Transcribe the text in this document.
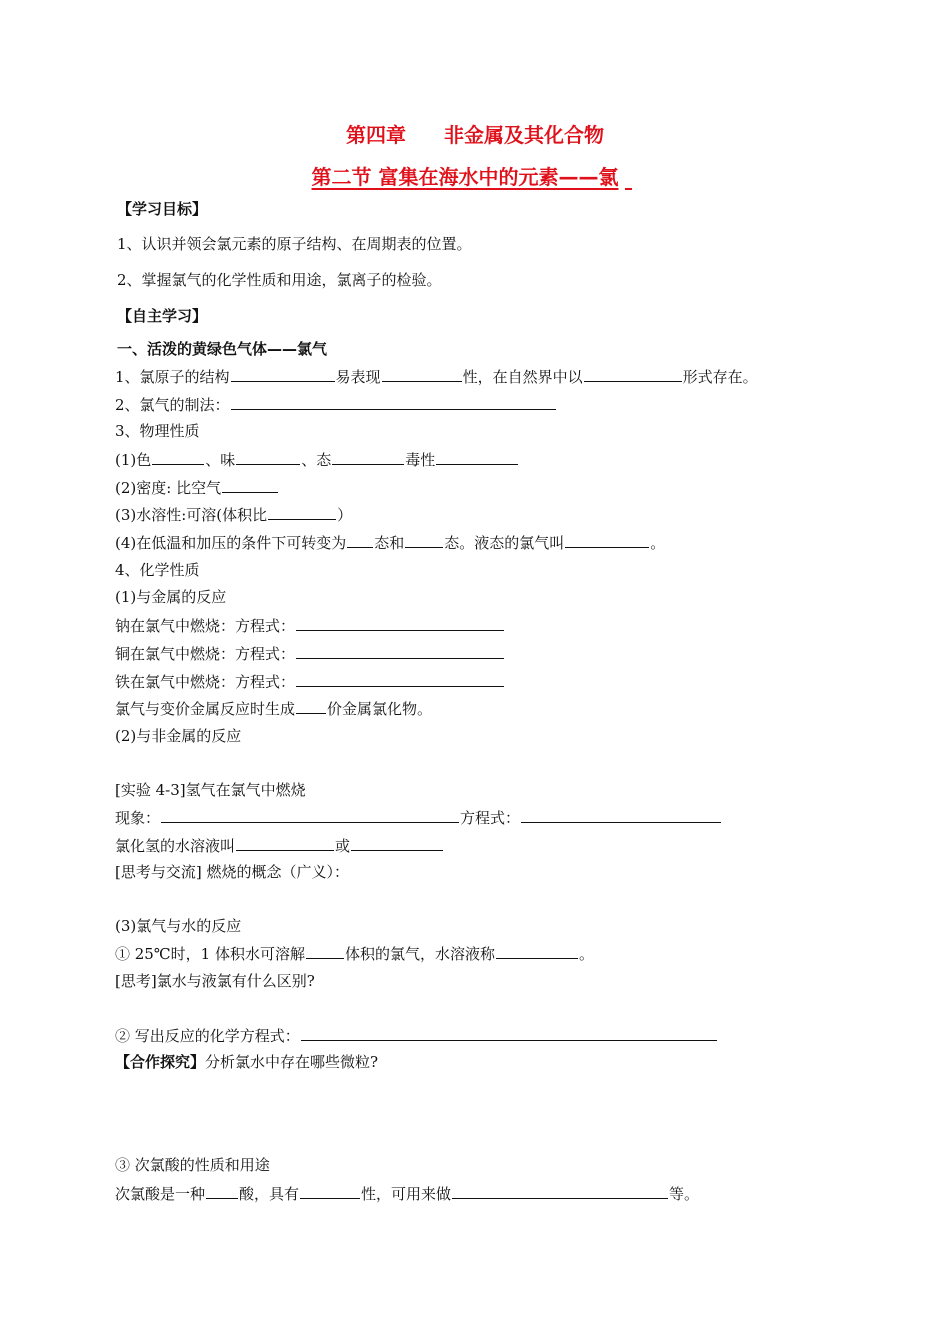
第四章 非金属及其化合物
第二节 富集在海水中的元素——氯
【学习目标】
1、认识并领会氯元素的原子结构、在周期表的位置。
2、掌握氯气的化学性质和用途，氯离子的检验。
【自主学习】
一、活泼的黄绿色气体——氯气
1、氯原子的结构	易表现	性，在自然界中以	形式存在。
2、氯气的制法：
3、物理性质
(1)色	、味	、态	毒性
(2)密度: 比空气
(3)水溶性:可溶(体积比	）
(4)在低温和加压的条件下可转变为 态和	态。液态的氯气叫	。
4、化学性质
(1)与金属的反应
钠在氯气中燃烧：方程式：
铜在氯气中燃烧：方程式：
铁在氯气中燃烧：方程式：
氯气与变价金属反应时生成 价金属氯化物。
(2)与非金属的反应
[实验 4-3]氢气在氯气中燃烧
现象：	方程式：
氯化氢的水溶液叫	或
[思考与交流] 燃烧的概念（广义）：
(3)氯气与水的反应
① 25℃时，1 体积水可溶解	体积的氯气，水溶液称	。
[思考]氯水与液氯有什么区别?
② 写出反应的化学方程式：
【合作探究】分析氯水中存在哪些微粒?
③ 次氯酸的性质和用途
次氯酸是一种 酸，具有	性，可用来做	等。
